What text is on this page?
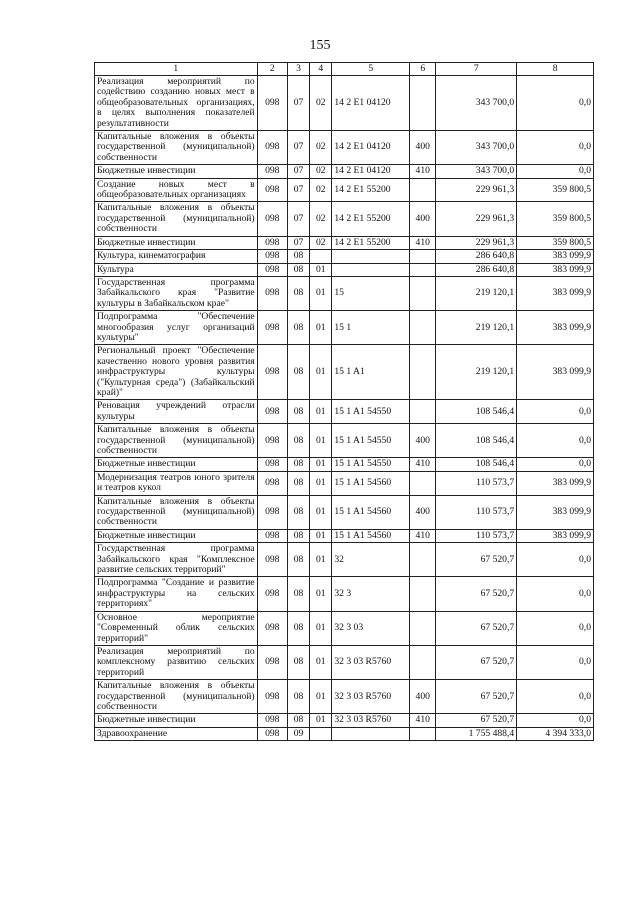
155
1	2	3	4	5	6	7	8
Реализация мероприятий по содействию созданию новых мест в общеобразовательных организациях, в целях выполнения показателей результативности	098	07	02	14 2 E1 04120		343 700,0	0,0
Капитальные вложения в объекты государственной (муниципальной) собственности	098	07	02	14 2 E1 04120	400	343 700,0	0,0
Бюджетные инвестиции	098	07	02	14 2 E1 04120	410	343 700,0	0,0
Создание новых мест в общеобразовательных организациях	098	07	02	14 2 E1 55200		229 961,3	359 800,5
Капитальные вложения в объекты государственной (муниципальной) собственности	098	07	02	14 2 E1 55200	400	229 961,3	359 800,5
Бюджетные инвестиции	098	07	02	14 2 E1 55200	410	229 961,3	359 800,5
Культура, кинематография	098	08				286 640,8	383 099,9
Культура	098	08	01			286 640,8	383 099,9
Государственная программа Забайкальского края "Развитие культуры в Забайкальском крае"	098	08	01	15		219 120,1	383 099,9
Подпрограмма "Обеспечение многообразия услуг организаций культуры"	098	08	01	15 1		219 120,1	383 099,9
Региональный проект "Обеспечение качественно нового уровня развития инфраструктуры культуры ("Культурная среда") (Забайкальский край)"	098	08	01	15 1 A1		219 120,1	383 099,9
Реновация учреждений отрасли культуры	098	08	01	15 1 A1 54550		108 546,4	0,0
Капитальные вложения в объекты государственной (муниципальной) собственности	098	08	01	15 1 A1 54550	400	108 546,4	0,0
Бюджетные инвестиции	098	08	01	15 1 A1 54550	410	108 546,4	0,0
Модернизация театров юного зрителя и театров кукол	098	08	01	15 1 A1 54560		110 573,7	383 099,9
Капитальные вложения в объекты государственной (муниципальной) собственности	098	08	01	15 1 A1 54560	400	110 573,7	383 099,9
Бюджетные инвестиции	098	08	01	15 1 A1 54560	410	110 573,7	383 099,9
Государственная программа Забайкальского края "Комплексное развитие сельских территорий"	098	08	01	32		67 520,7	0,0
Подпрограмма "Создание и развитие инфраструктуры на сельских территориях"	098	08	01	32 3		67 520,7	0,0
Основное мероприятие "Современный облик сельских территорий"	098	08	01	32 3 03		67 520,7	0,0
Реализация мероприятий по комплексному развитию сельских территорий	098	08	01	32 3 03 R5760		67 520,7	0,0
Капитальные вложения в объекты государственной (муниципальной) собственности	098	08	01	32 3 03 R5760	400	67 520,7	0,0
Бюджетные инвестиции	098	08	01	32 3 03 R5760	410	67 520,7	0,0
Здравоохранение	098	09				1 755 488,4	4 394 333,0
